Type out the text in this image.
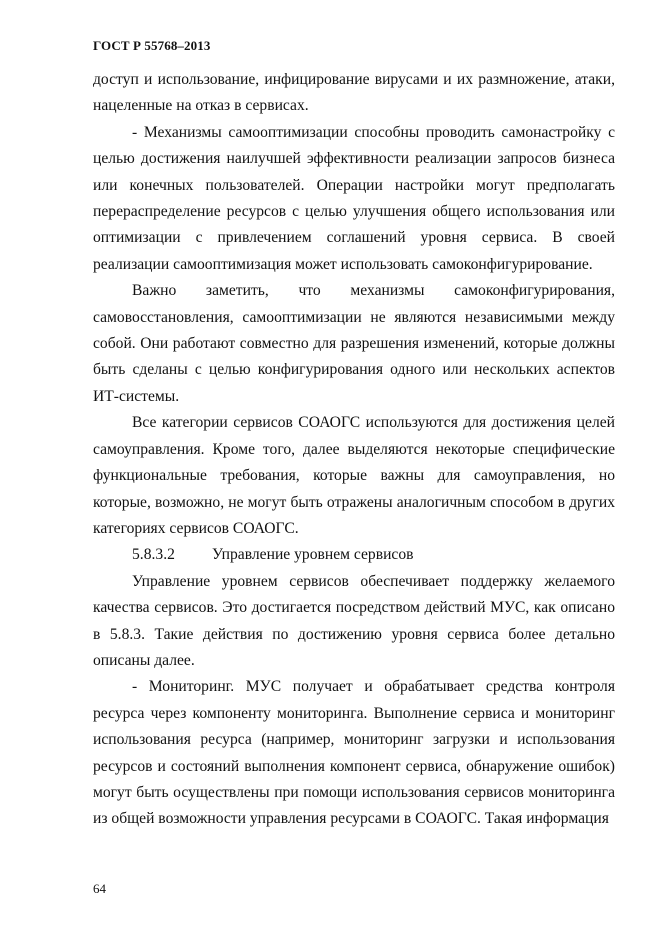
ГОСТ Р 55768–2013

доступ и использование, инфицирование вирусами и их размножение, атаки, нацеленные на отказ в сервисах.

- Механизмы самооптимизации способны проводить самонастройку с целью достижения наилучшей эффективности реализации запросов бизнеса или конечных пользователей. Операции настройки могут предполагать перераспределение ресурсов с целью улучшения общего использования или оптимизации с привлечением соглашений уровня сервиса. В своей реализации самооптимизация может использовать самоконфигурирование.

Важно заметить, что механизмы самоконфигурирования, самовосстановления, самооптимизации не являются независимыми между собой. Они работают совместно для разрешения изменений, которые должны быть сделаны с целью конфигурирования одного или нескольких аспектов ИТ-системы.

Все категории сервисов СОАОГС используются для достижения целей самоуправления. Кроме того, далее выделяются некоторые специфические функциональные требования, которые важны для самоуправления, но которые, возможно, не могут быть отражены аналогичным способом в других категориях сервисов СОАОГС.

5.8.3.2 Управление уровнем сервисов

Управление уровнем сервисов обеспечивает поддержку желаемого качества сервисов. Это достигается посредством действий МУС, как описано в 5.8.3. Такие действия по достижению уровня сервиса более детально описаны далее.

- Мониторинг. МУС получает и обрабатывает средства контроля ресурса через компоненту мониторинга. Выполнение сервиса и мониторинг использования ресурса (например, мониторинг загрузки и использования ресурсов и состояний выполнения компонент сервиса, обнаружение ошибок) могут быть осуществлены при помощи использования сервисов мониторинга из общей возможности управления ресурсами в СОАОГС. Такая информация

64
